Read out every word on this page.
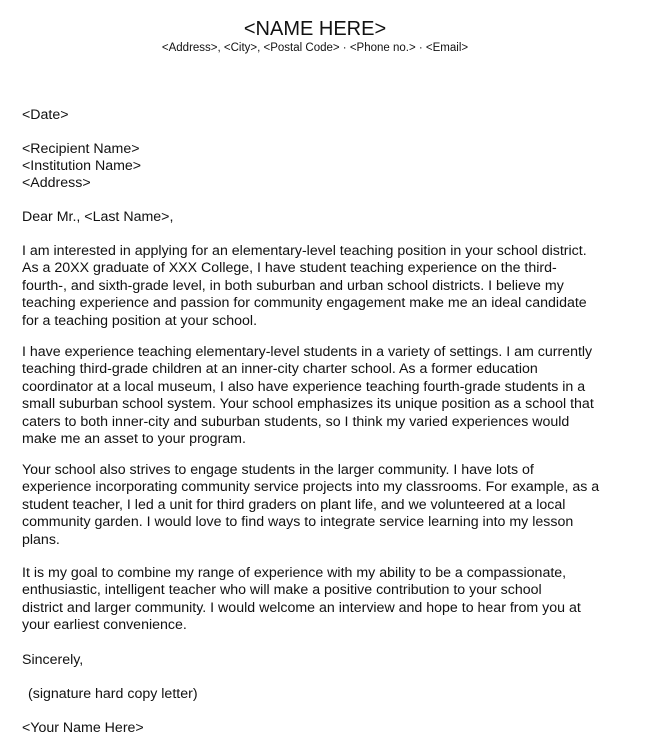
<NAME HERE>
<Address>, <City>, <Postal Code> · <Phone no.> · <Email>
<Date>
<Recipient Name>
<Institution Name>
<Address>
Dear Mr., <Last Name>,
I am interested in applying for an elementary-level teaching position in your school district.
As a 20XX graduate of XXX College, I have student teaching experience on the third-
fourth-, and sixth-grade level, in both suburban and urban school districts. I believe my
teaching experience and passion for community engagement make me an ideal candidate
for a teaching position at your school.
I have experience teaching elementary-level students in a variety of settings. I am currently
teaching third-grade children at an inner-city charter school. As a former education
coordinator at a local museum, I also have experience teaching fourth-grade students in a
small suburban school system. Your school emphasizes its unique position as a school that
caters to both inner-city and suburban students, so I think my varied experiences would
make me an asset to your program.
Your school also strives to engage students in the larger community. I have lots of
experience incorporating community service projects into my classrooms. For example, as a
student teacher, I led a unit for third graders on plant life, and we volunteered at a local
community garden. I would love to find ways to integrate service learning into my lesson
plans.
It is my goal to combine my range of experience with my ability to be a compassionate,
enthusiastic, intelligent teacher who will make a positive contribution to your school
district and larger community. I would welcome an interview and hope to hear from you at
your earliest convenience.
Sincerely,
(signature hard copy letter)
<Your Name Here>
